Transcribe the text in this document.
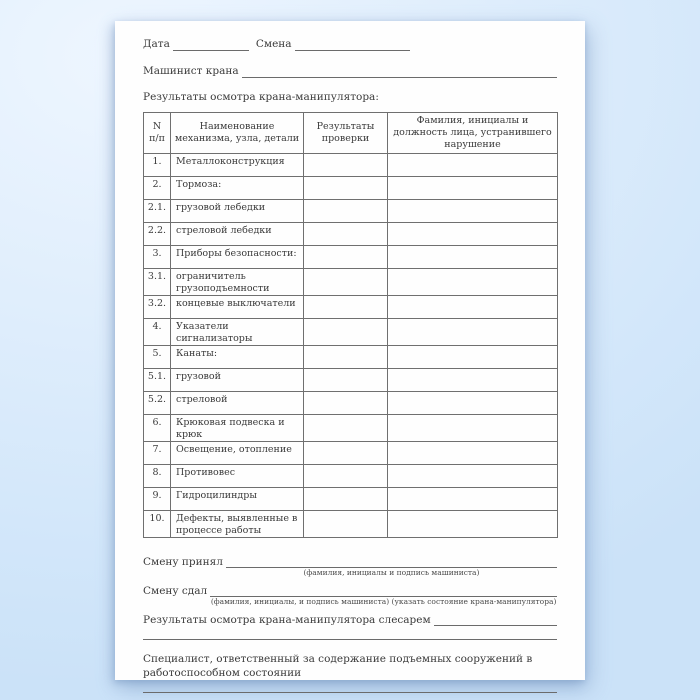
Дата	Смена
Машинист крана
Результаты осмотра крана-манипулятора:
N п/п	Наименование механизма, узла, детали	Результаты проверки	Фамилия, инициалы и должность лица, устранившего нарушение
1.	Металлоконструкция		
2.	Тормоза:		
2.1.	грузовой лебедки		
2.2.	стреловой лебедки		
3.	Приборы безопасности:		
3.1.	ограничитель грузоподъемности		
3.2.	концевые выключатели		
4.	Указатели сигнализаторы		
5.	Канаты:		
5.1.	грузовой		
5.2.	стреловой		
6.	Крюковая подвеска и крюк		
7.	Освещение, отопление		
8.	Противовес		
9.	Гидроцилиндры		
10.	Дефекты, выявленные в процессе работы		
Смену принял
(фамилия, инициалы и подпись машиниста)
Смену сдал
(фамилия, инициалы, и подпись машиниста) (указать состояние крана-манипулятора)
Результаты осмотра крана-манипулятора слесарем
Специалист, ответственный за содержание подъемных сооружений в работоспособном состоянии
